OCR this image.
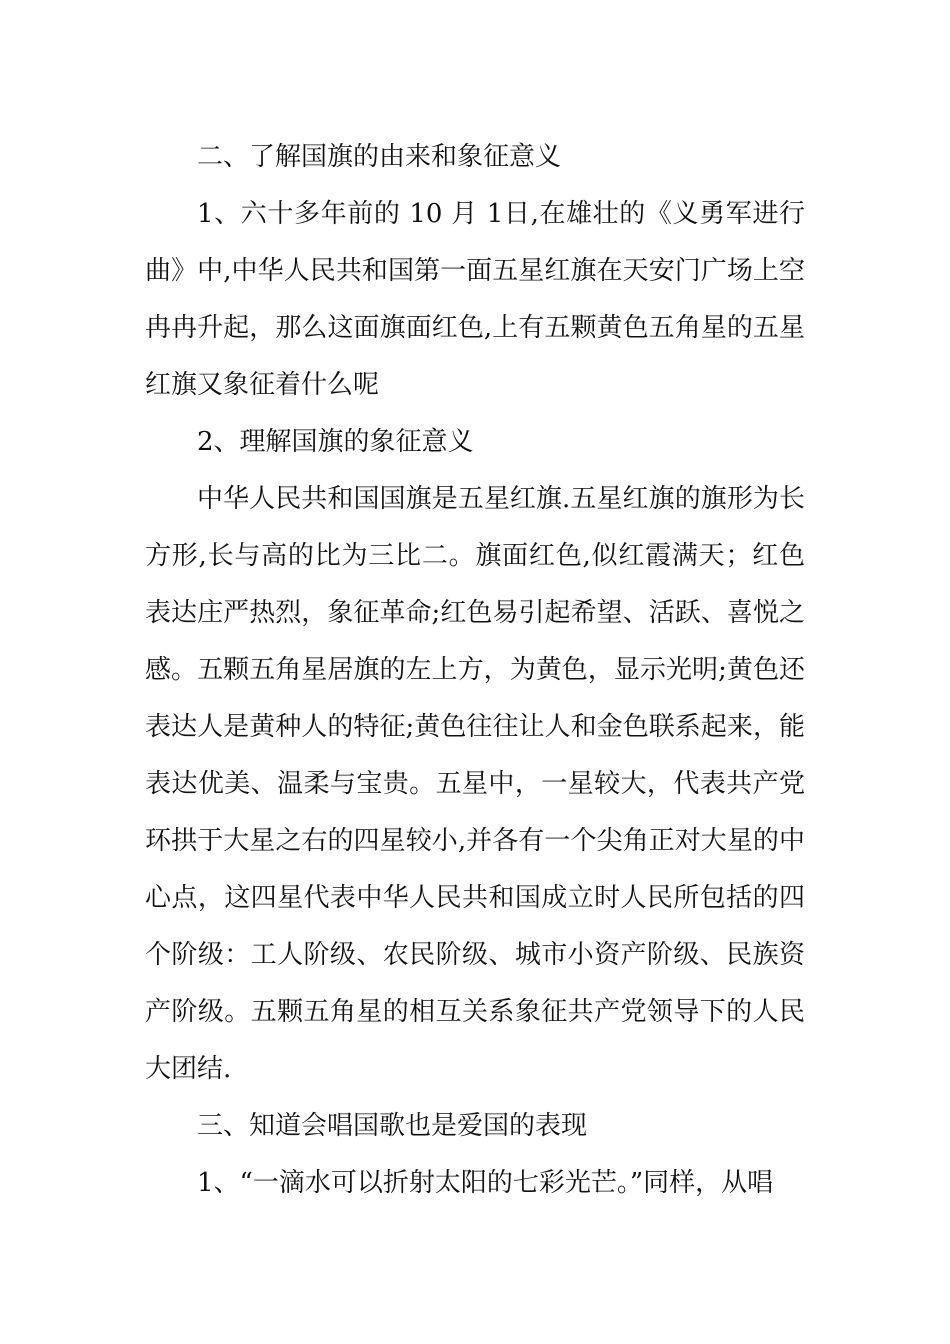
二、了解国旗的由来和象征意义

1、六十多年前的 10 月 1日,在雄壮的《义勇军进行曲》中,中华人民共和国第一面五星红旗在天安门广场上空冉冉升起，那么这面旗面红色,上有五颗黄色五角星的五星红旗又象征着什么呢

2、理解国旗的象征意义

中华人民共和国国旗是五星红旗.五星红旗的旗形为长方形,长与高的比为三比二。旗面红色,似红霞满天；红色表达庄严热烈，象征革命;红色易引起希望、活跃、喜悦之感。五颗五角星居旗的左上方，为黄色，显示光明;黄色还表达人是黄种人的特征;黄色往往让人和金色联系起来，能表达优美、温柔与宝贵。五星中，一星较大，代表共产党环拱于大星之右的四星较小,并各有一个尖角正对大星的中心点，这四星代表中华人民共和国成立时人民所包括的四个阶级：工人阶级、农民阶级、城市小资产阶级、民族资产阶级。五颗五角星的相互关系象征共产党领导下的人民大团结.

三、知道会唱国歌也是爱国的表现

1、“一滴水可以折射太阳的七彩光芒。”同样，从唱
